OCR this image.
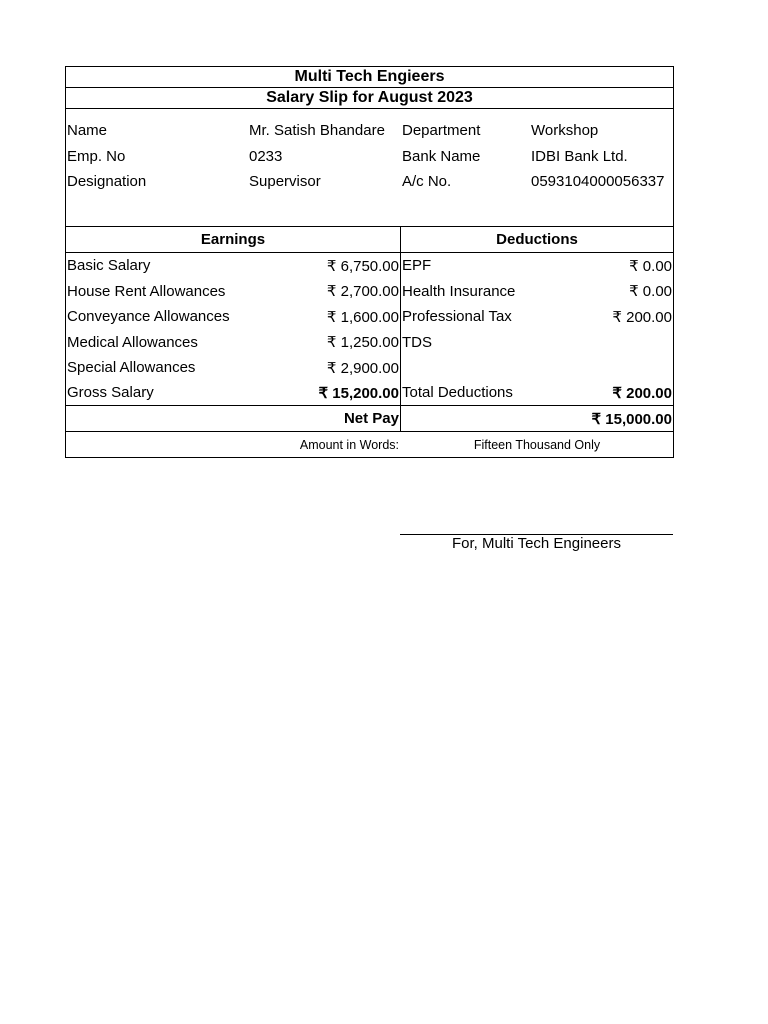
Multi Tech Engieers
Salary Slip for August 2023
Name	Mr. Satish Bhandare	Department	Workshop
Emp. No	0233	Bank Name	IDBI Bank Ltd.
Designation	Supervisor	A/c No.	0593104000056337
Earnings	Deductions
Basic Salary	₹ 6,750.00 EPF	₹ 0.00
House Rent Allowances	₹ 2,700.00 Health Insurance	₹ 0.00
Conveyance Allowances	₹ 1,600.00 Professional Tax	₹ 200.00
Medical Allowances	₹ 1,250.00 TDS
Special Allowances	₹ 2,900.00
Gross Salary	₹ 15,200.00 Total Deductions	₹ 200.00
Net Pay	₹ 15,000.00
Amount in Words:	Fifteen Thousand Only
For, Multi Tech Engineers
